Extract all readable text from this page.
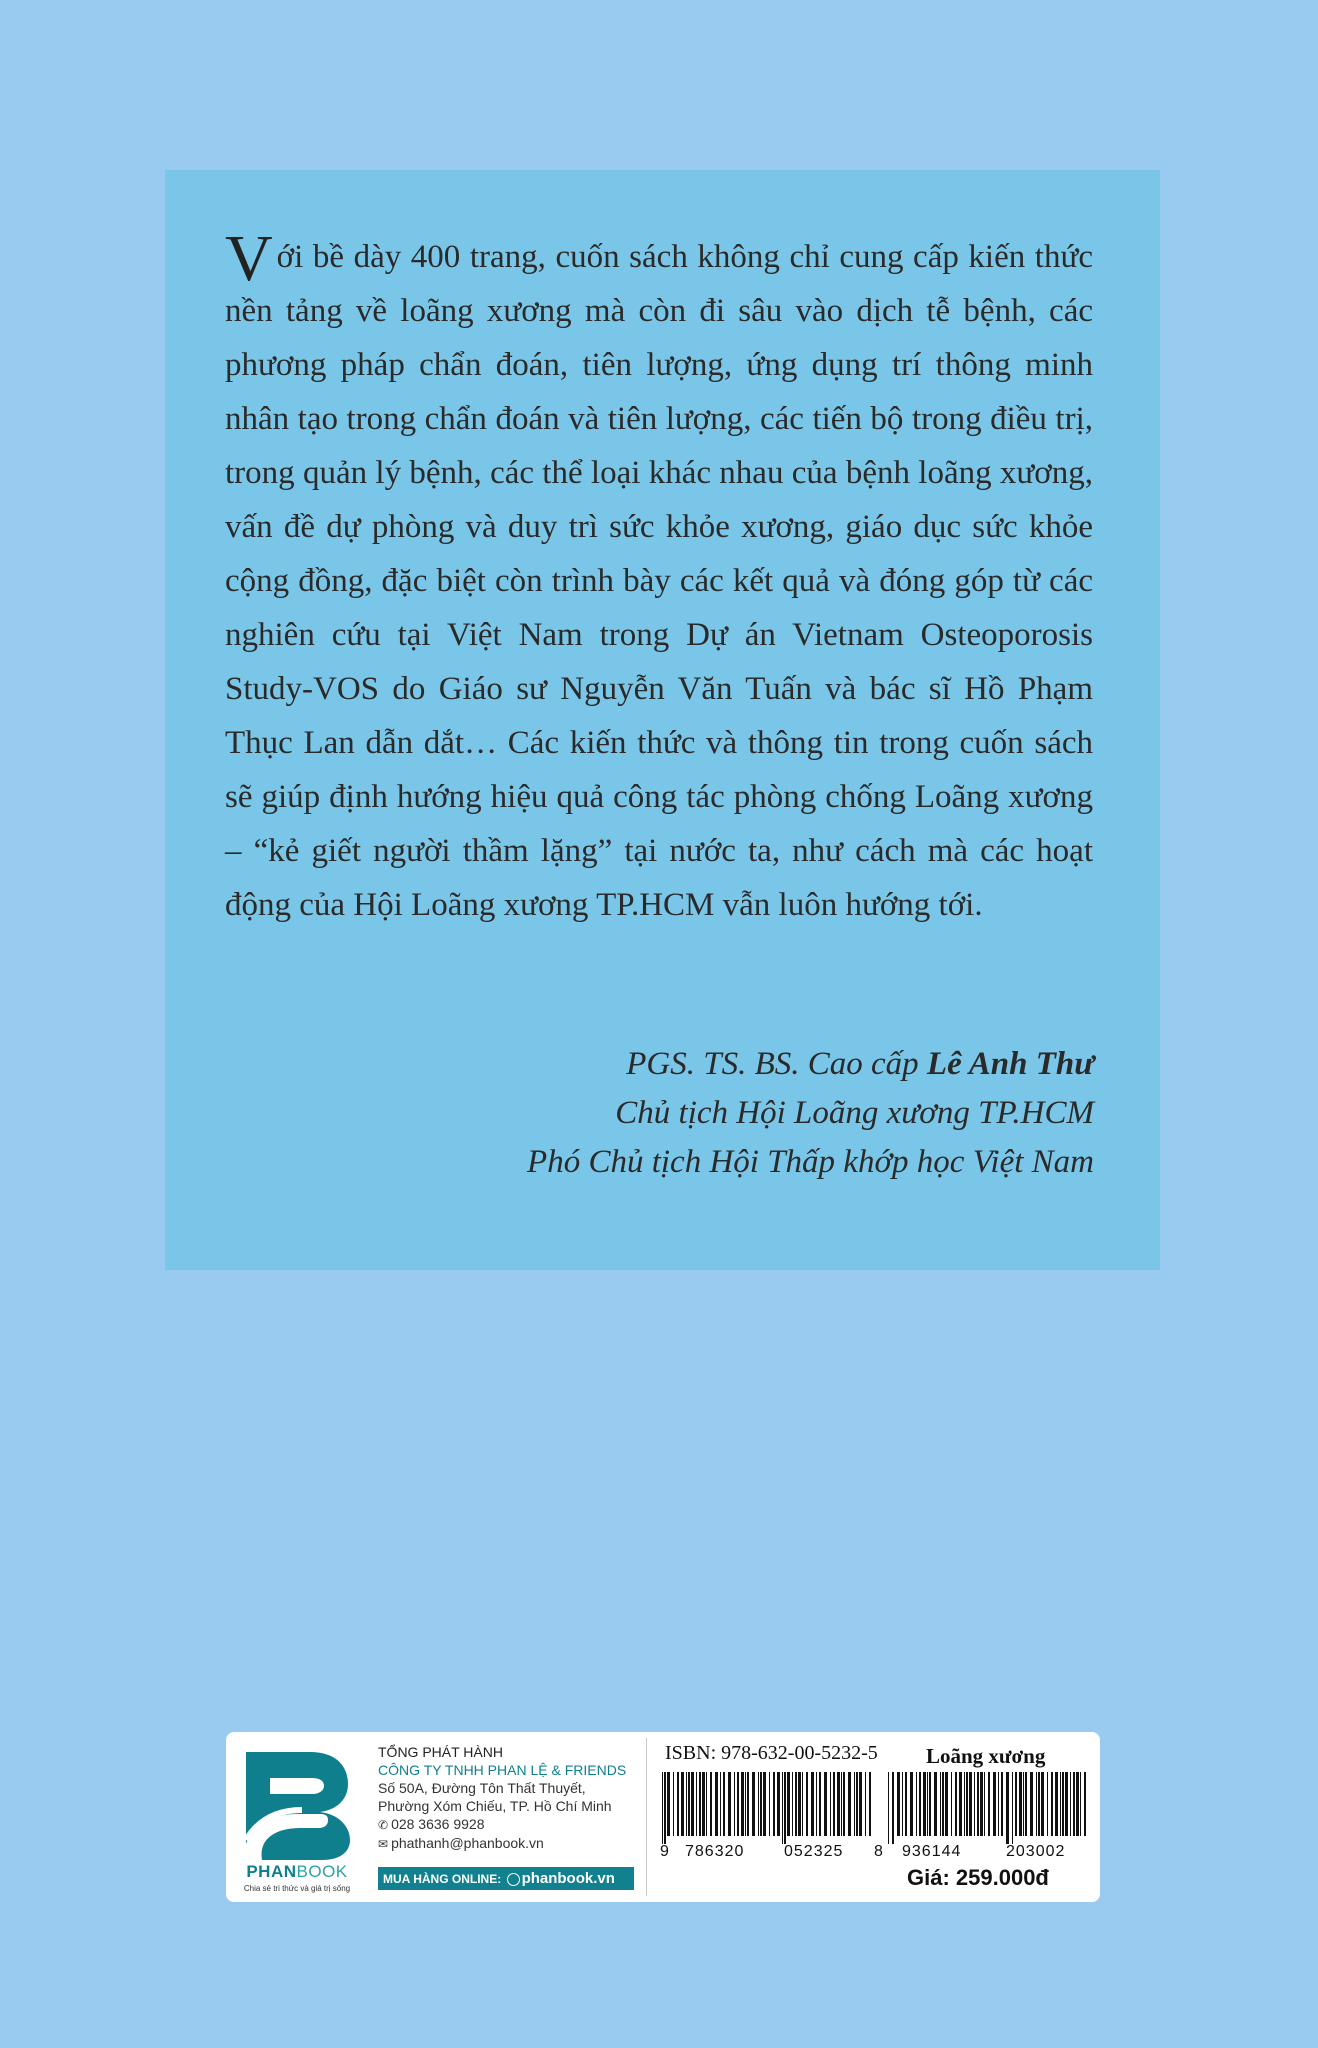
Với bề dày 400 trang, cuốn sách không chỉ cung cấp kiến thức nền tảng về loãng xương mà còn đi sâu vào dịch tễ bệnh, các phương pháp chẩn đoán, tiên lượng, ứng dụng trí thông minh nhân tạo trong chẩn đoán và tiên lượng, các tiến bộ trong điều trị, trong quản lý bệnh, các thể loại khác nhau của bệnh loãng xương, vấn đề dự phòng và duy trì sức khỏe xương, giáo dục sức khỏe cộng đồng, đặc biệt còn trình bày các kết quả và đóng góp từ các nghiên cứu tại Việt Nam trong Dự án Vietnam Osteoporosis Study-VOS do Giáo sư Nguyễn Văn Tuấn và bác sĩ Hồ Phạm Thục Lan dẫn dắt… Các kiến thức và thông tin trong cuốn sách sẽ giúp định hướng hiệu quả công tác phòng chống Loãng xương – “kẻ giết người thầm lặng” tại nước ta, như cách mà các hoạt động của Hội Loãng xương TP.HCM vẫn luôn hướng tới.

PGS. TS. BS. Cao cấp Lê Anh Thư
Chủ tịch Hội Loãng xương TP.HCM
Phó Chủ tịch Hội Thấp khớp học Việt Nam
PHANBOOK
Chia sẻ tri thức và giá trị sống
TỔNG PHÁT HÀNH
CÔNG TY TNHH PHAN LỆ & FRIENDS
Số 50A, Đường Tôn Thất Thuyết,
Phường Xóm Chiếu, TP. Hồ Chí Minh
✆ 028 3636 9928
✉ phathanh@phanbook.vn
MUA HÀNG ONLINE: phanbook.vn
ISBN: 978-632-00-5232-5 Loãng xương
9 786320 052325 8 936144	203002
Giá: 259.000đ
